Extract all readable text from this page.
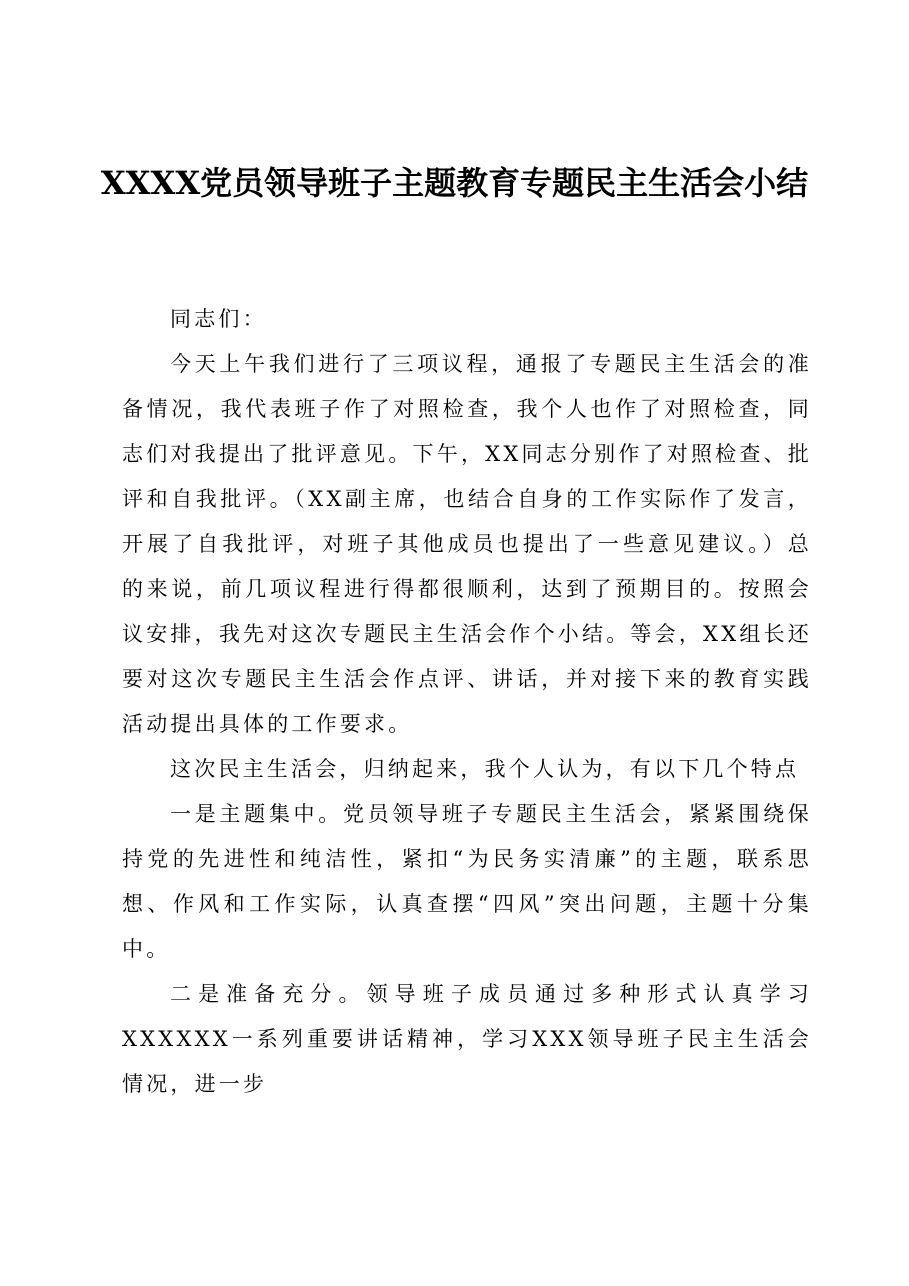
XXXX党员领导班子主题教育专题民主生活会小结

同志们：

今天上午我们进行了三项议程，通报了专题民主生活会的准备情况，我代表班子作了对照检查，我个人也作了对照检查，同志们对我提出了批评意见。下午，XX同志分别作了对照检查、批评和自我批评。（XX副主席，也结合自身的工作实际作了发言，开展了自我批评，对班子其他成员也提出了一些意见建议。）总的来说，前几项议程进行得都很顺利，达到了预期目的。按照会议安排，我先对这次专题民主生活会作个小结。等会，XX组长还要对这次专题民主生活会作点评、讲话，并对接下来的教育实践活动提出具体的工作要求。

这次民主生活会，归纳起来，我个人认为，有以下几个特点

一是主题集中。党员领导班子专题民主生活会，紧紧围绕保持党的先进性和纯洁性，紧扣“为民务实清廉”的主题，联系思想、作风和工作实际，认真查摆“四风”突出问题，主题十分集中。

二是准备充分。领导班子成员通过多种形式认真学习XXXXXX一系列重要讲话精神，学习XXX领导班子民主生活会情况，进一步
